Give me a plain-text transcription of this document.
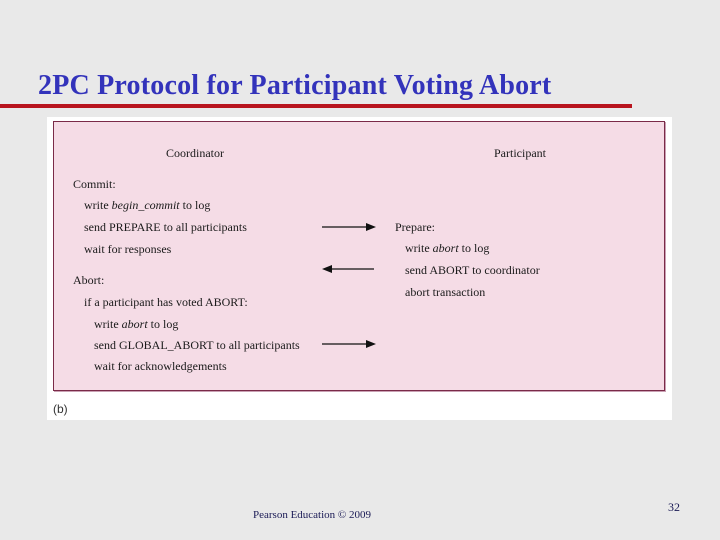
2PC Protocol for Participant Voting Abort
Coordinator	Participant
Commit:
write begin_commit to log
send PREPARE to all participants
wait for responses
Abort:
if a participant has voted ABORT:
write abort to log
send GLOBAL_ABORT to all participants
wait for acknowledgements
Prepare:
write abort to log
send ABORT to coordinator
abort transaction
(b)
Pearson Education © 2009
32
